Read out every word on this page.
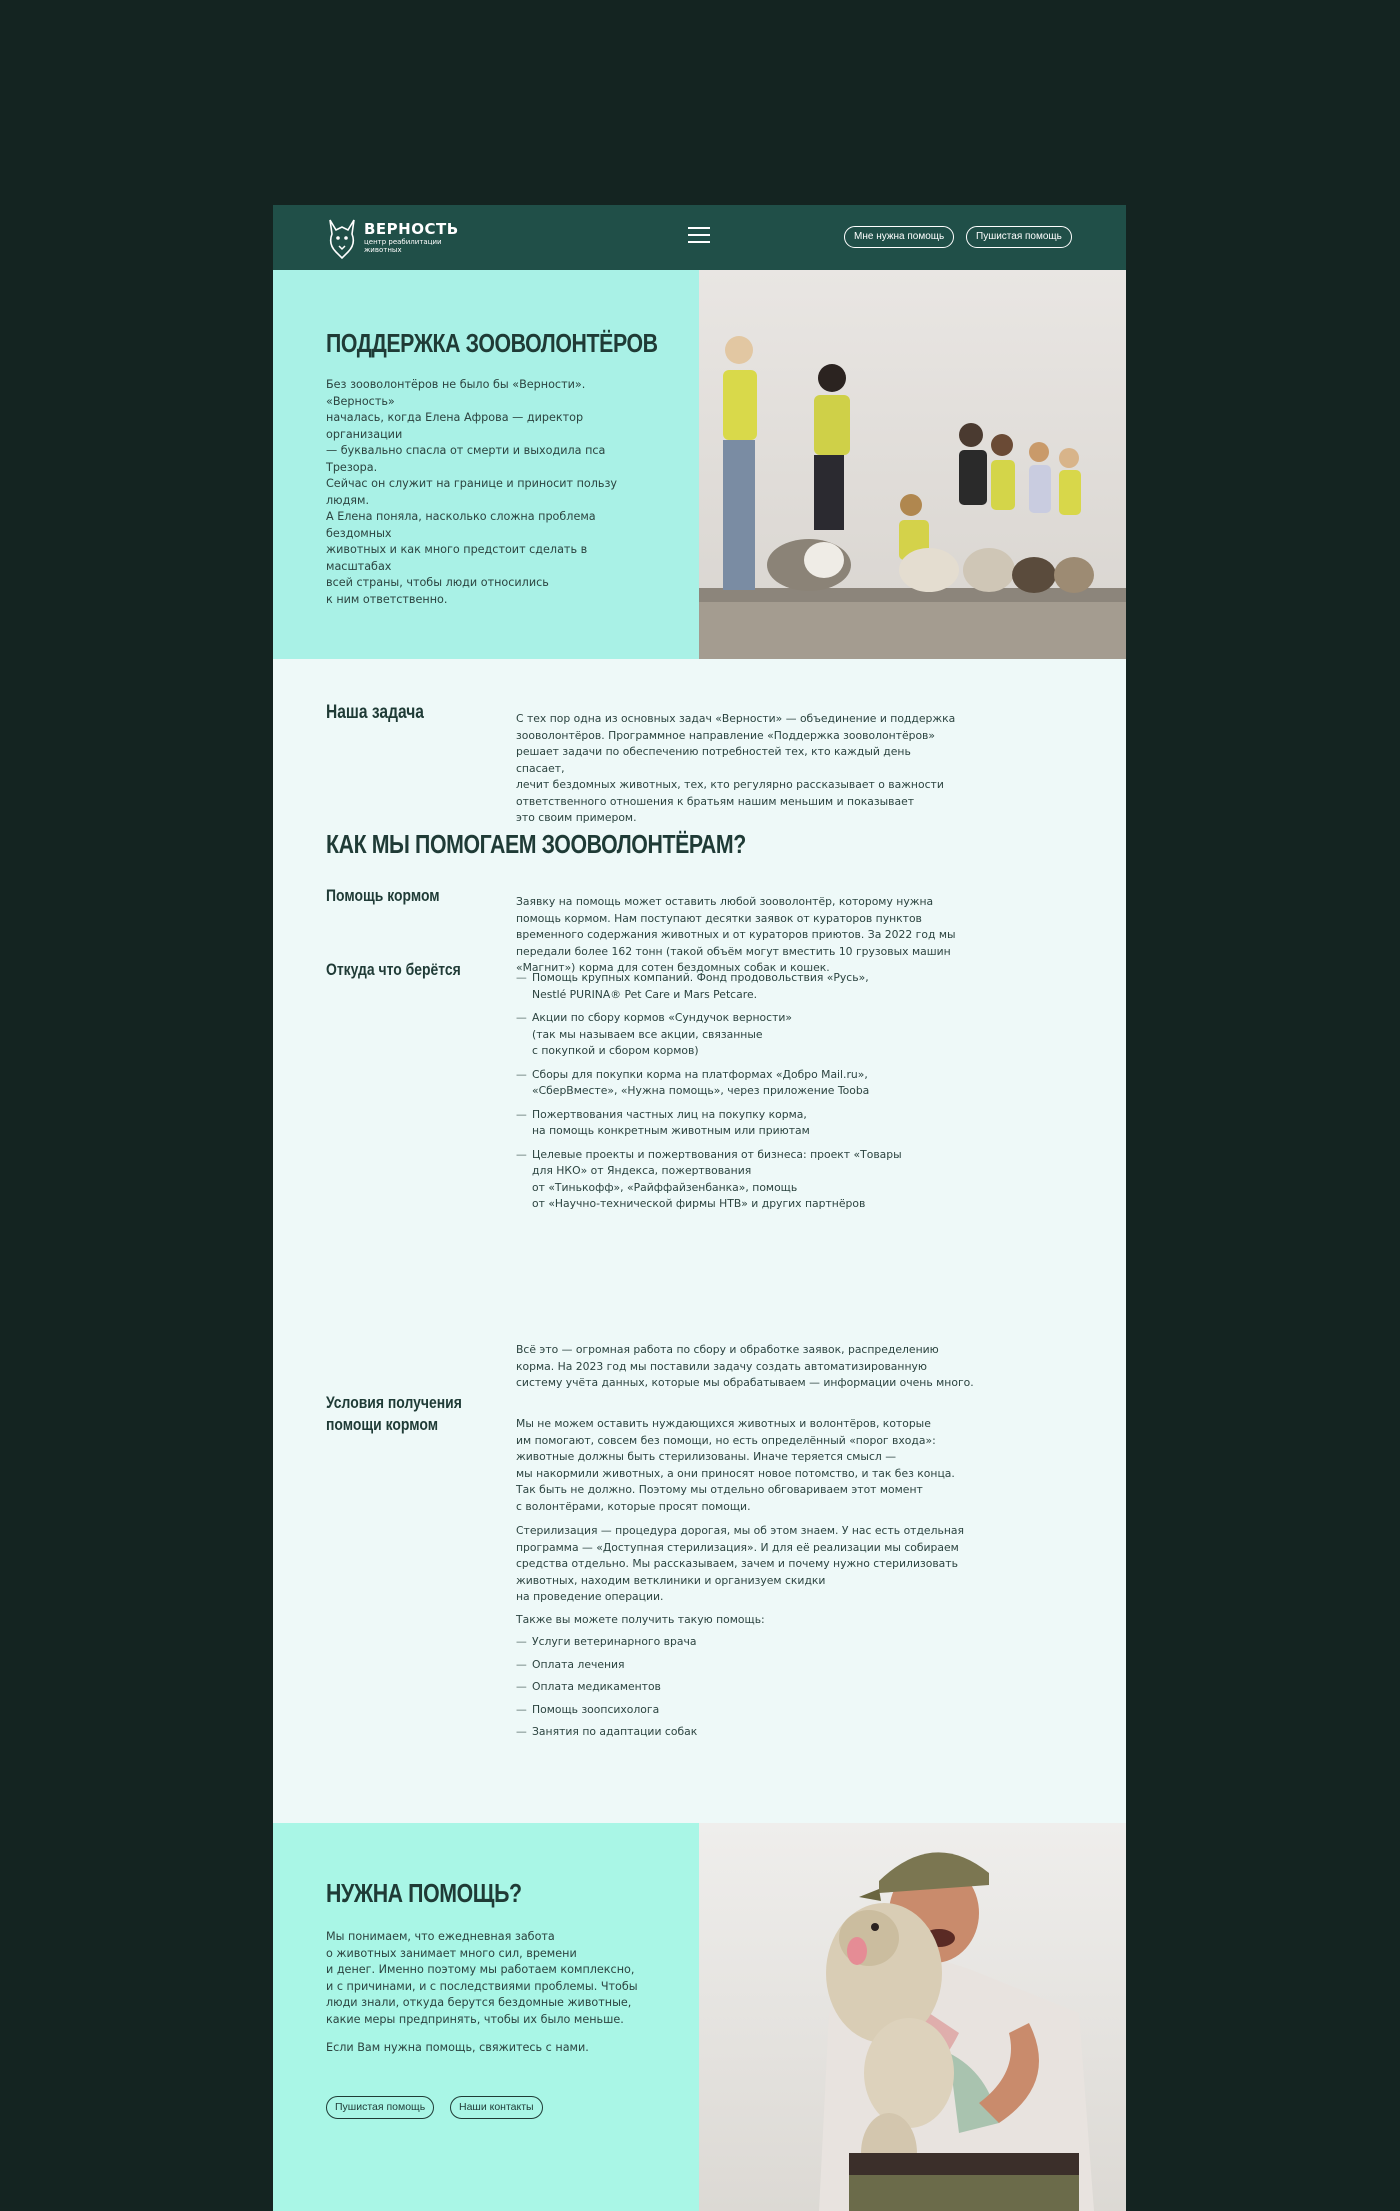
ВЕРНОСТЬ
центр реабилитации животных
Мне нужна помощь	Пушистая помощь
ПОДДЕРЖКА ЗООВОЛОНТЁРОВ

Без зооволонтёров не было бы «Верности». «Верность»
началась, когда Елена Афрова — директор организации
— буквально спасла от смерти и выходила пса Трезора.
Сейчас он служит на границе и приносит пользу людям.
А Елена поняла, насколько сложна проблема бездомных
животных и как много предстоит сделать в масштабах
всей страны, чтобы люди относились
к ним ответственно.

Наша задача	С тех пор одна из основных задач «Верности» — объединение и поддержка
зооволонтёров. Программное направление «Поддержка зооволонтёров»
решает задачи по обеспечению потребностей тех, кто каждый день спасает,
лечит бездомных животных, тех, кто регулярно рассказывает о важности
ответственного отношения к братьям нашим меньшим и показывает
это своим примером.
КАК МЫ ПОМОГАЕМ ЗООВОЛОНТЁРАМ?
Помощь кормом	Заявку на помощь может оставить любой зооволонтёр, которому нужна
помощь кормом. Нам поступают десятки заявок от кураторов пунктов
временного содержания животных и от кураторов приютов. За 2022 год мы
передали более 162 тонн (такой объём могут вместить 10 грузовых машин
«Магнит») корма для сотен бездомных собак и кошек.
Откуда что берётся
—	Помощь крупных компаний. Фонд продовольствия «Русь»,
Nestlé PURINA® Pet Care и Mars Petcare.
— Акции по сбору кормов «Сундучок верности»
(так мы называем все акции, связанные
с покупкой и сбором кормов)
— Сборы для покупки корма на платформах «Добро Mail.ru»,
«СберВместе», «Нужна помощь», через приложение Tooba
— Пожертвования частных лиц на покупку корма,
на помощь конкретным животным или приютам
— Целевые проекты и пожертвования от бизнеса: проект «Товары
для НКО» от Яндекса, пожертвования
от «Тинькофф», «Райффайзенбанка», помощь
от «Научно-технической фирмы НТВ» и других партнёров
Всё это — огромная работа по сбору и обработке заявок, распределению
корма. На 2023 год мы поставили задачу создать автоматизированную
систему учёта данных, которые мы обрабатываем — информации очень много.
Условия получения
помощи кормом	Мы не можем оставить нуждающихся животных и волонтёров, которые
им помогают, совсем без помощи, но есть определённый «порог входа»:
животные должны быть стерилизованы. Иначе теряется смысл —
мы накормили животных, а они приносят новое потомство, и так без конца.
Так быть не должно. Поэтому мы отдельно обговариваем этот момент
с волонтёрами, которые просят помощи.
Стерилизация — процедура дорогая, мы об этом знаем. У нас есть отдельная
программа — «Доступная стерилизация». И для её реализации мы собираем
средства отдельно. Мы рассказываем, зачем и почему нужно стерилизовать
животных, находим ветклиники и организуем скидки
на проведение операции.
Также вы можете получить такую помощь:
— Услуги ветеринарного врача
— Оплата лечения
— Оплата медикаментов
— Помощь зоопсихолога
— Занятия по адаптации собак
НУЖНА ПОМОЩЬ?
Мы понимаем, что ежедневная забота
о животных занимает много сил, времени
и денег. Именно поэтому мы работаем комплексно,
и с причинами, и с последствиями проблемы. Чтобы
люди знали, откуда берутся бездомные животные,
какие меры предпринять, чтобы их было меньше.
Если Вам нужна помощь, свяжитесь с нами.
Пушистая помощь	Наши контакты
